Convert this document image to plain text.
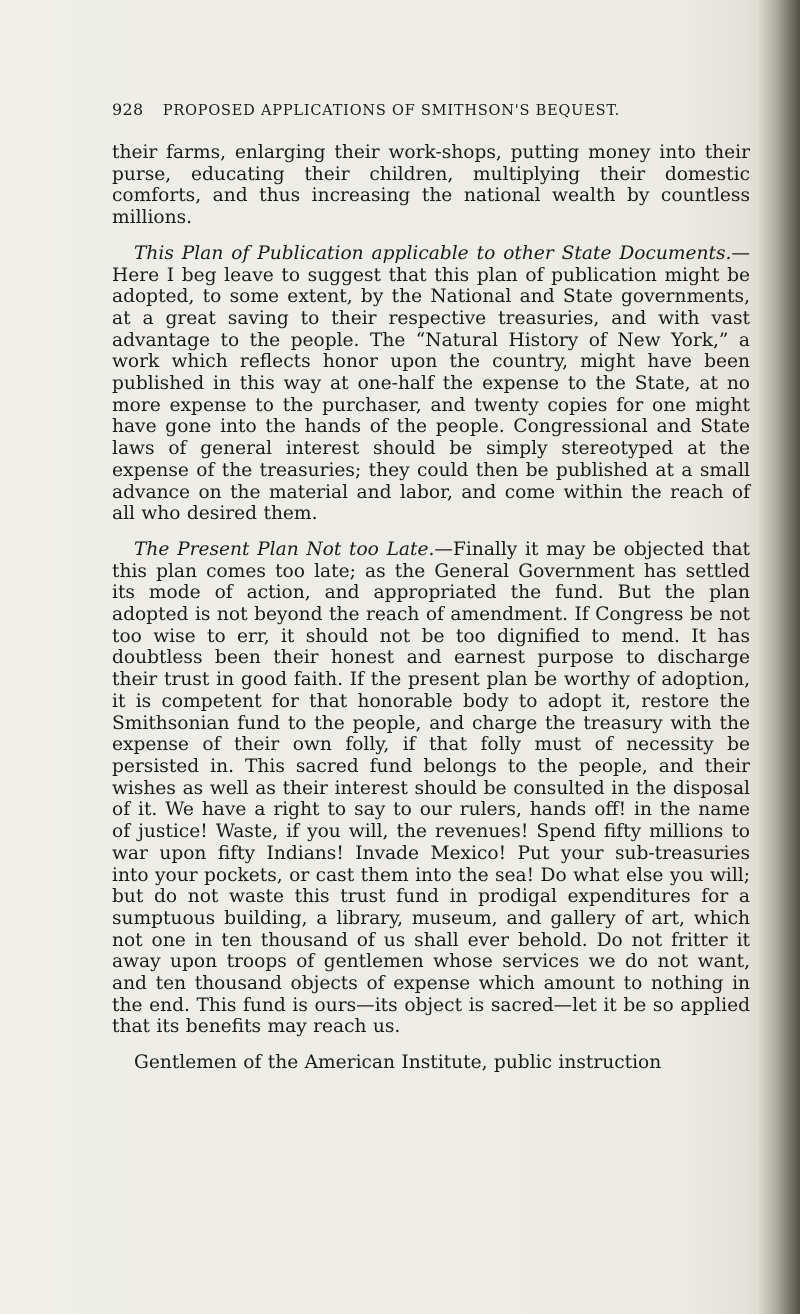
928 PROPOSED APPLICATIONS OF SMITHSON'S BEQUEST.

their farms, enlarging their work-shops, putting money into their purse, educating their children, multiplying their domestic comforts, and thus increasing the national wealth by countless millions.

This Plan of Publication applicable to other State Documents.— Here I beg leave to suggest that this plan of publication might be adopted, to some extent, by the National and State governments, at a great saving to their respective treasuries, and with vast advantage to the people. The “Natural History of New York,” a work which reflects honor upon the country, might have been published in this way at one-half the expense to the State, at no more expense to the purchaser, and twenty copies for one might have gone into the hands of the people. Congressional and State laws of general interest should be simply stereotyped at the expense of the treasuries; they could then be published at a small advance on the material and labor, and come within the reach of all who desired them.

The Present Plan Not too Late.—Finally it may be objected that this plan comes too late; as the General Government has settled its mode of action, and appropriated the fund. But the plan adopted is not beyond the reach of amendment. If Congress be not too wise to err, it should not be too dignified to mend. It has doubtless been their honest and earnest purpose to discharge their trust in good faith. If the present plan be worthy of adoption, it is competent for that honorable body to adopt it, restore the Smithsonian fund to the people, and charge the treasury with the expense of their own folly, if that folly must of necessity be persisted in. This sacred fund belongs to the people, and their wishes as well as their interest should be consulted in the disposal of it. We have a right to say to our rulers, hands off! in the name of justice! Waste, if you will, the revenues! Spend fifty millions to war upon fifty Indians! Invade Mexico! Put your sub-treasuries into your pockets, or cast them into the sea! Do what else you will; but do not waste this trust fund in prodigal expenditures for a sumptuous building, a library, museum, and gallery of art, which not one in ten thousand of us shall ever behold. Do not fritter it away upon troops of gentlemen whose services we do not want, and ten thousand objects of expense which amount to nothing in the end. This fund is ours—its object is sacred—let it be so applied that its benefits may reach us.

Gentlemen of the American Institute, public instruction
